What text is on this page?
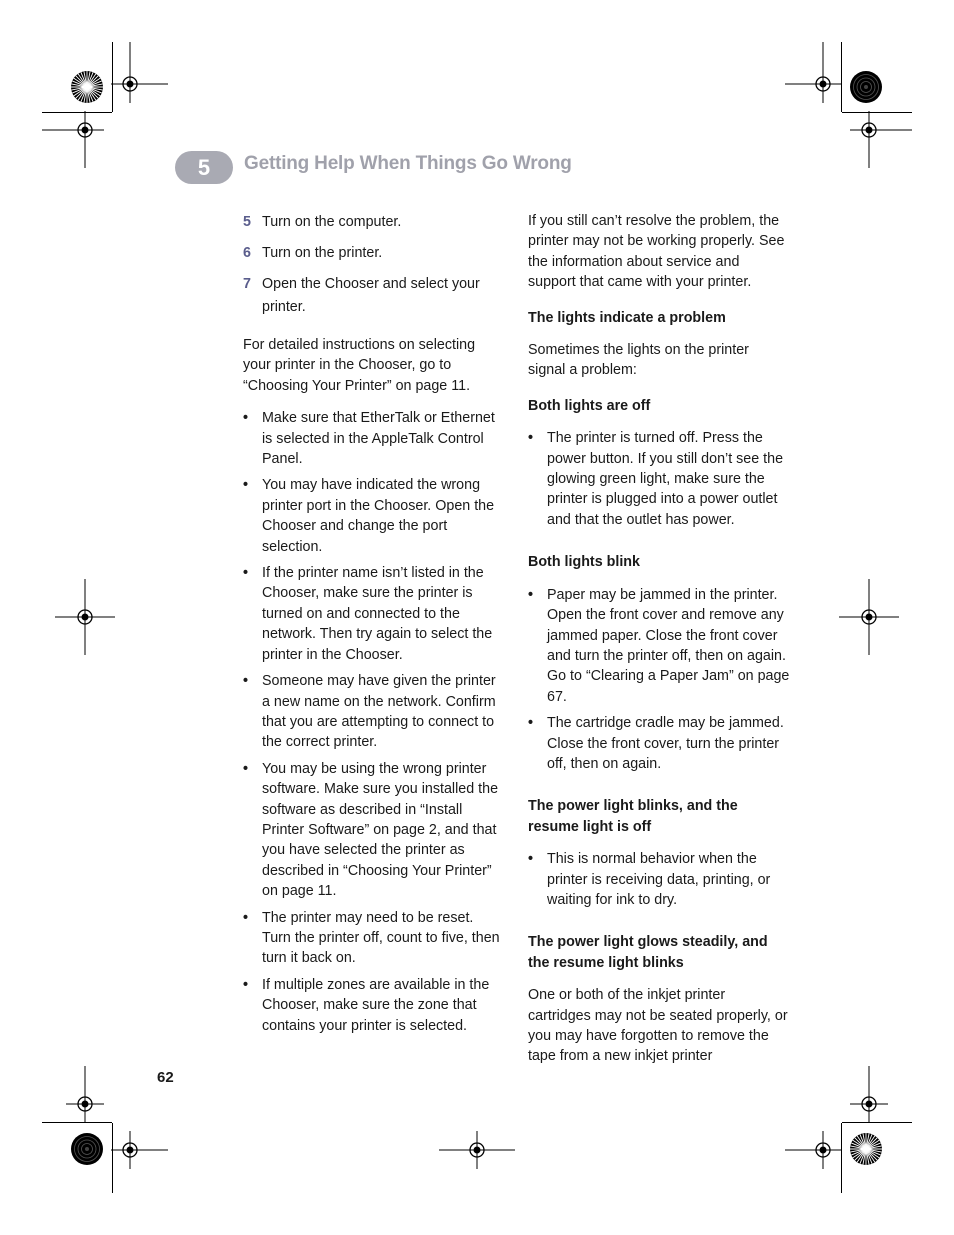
5 Getting Help When Things Go Wrong
5 Turn on the computer.
6 Turn on the printer.
7 Open the Chooser and select your printer.

For detailed instructions on selecting your printer in the Chooser, go to “Choosing Your Printer” on page 11.

• Make sure that EtherTalk or Ethernet is selected in the AppleTalk Control Panel.
• You may have indicated the wrong printer port in the Chooser. Open the Chooser and change the port selection.
• If the printer name isn’t listed in the Chooser, make sure the printer is turned on and connected to the network. Then try again to select the printer in the Chooser.
• Someone may have given the printer a new name on the network. Confirm that you are attempting to connect to the correct printer.
• You may be using the wrong printer software. Make sure you installed the software as described in “Install Printer Software” on page 2, and that you have selected the printer as described in “Choosing Your Printer” on page 11.
• The printer may need to be reset. Turn the printer off, count to five, then turn it back on.
• If multiple zones are available in the Chooser, make sure the zone that contains your printer is selected.

If you still can’t resolve the problem, the printer may not be working properly. See the information about service and support that came with your printer.

The lights indicate a problem

Sometimes the lights on the printer signal a problem:

Both lights are off
• The printer is turned off. Press the power button. If you still don’t see the glowing green light, make sure the printer is plugged into a power outlet and that the outlet has power.
Both lights blink
• Paper may be jammed in the printer. Open the front cover and remove any jammed paper. Close the front cover and turn the printer off, then on again. Go to “Clearing a Paper Jam” on page 67.
• The cartridge cradle may be jammed. Close the front cover, turn the printer off, then on again.
The power light blinks, and the resume light is off
• This is normal behavior when the printer is receiving data, printing, or waiting for ink to dry.
The power light glows steadily, and the resume light blinks

One or both of the inkjet printer cartridges may not be seated properly, or you may have forgotten to remove the tape from a new inkjet printer

62
